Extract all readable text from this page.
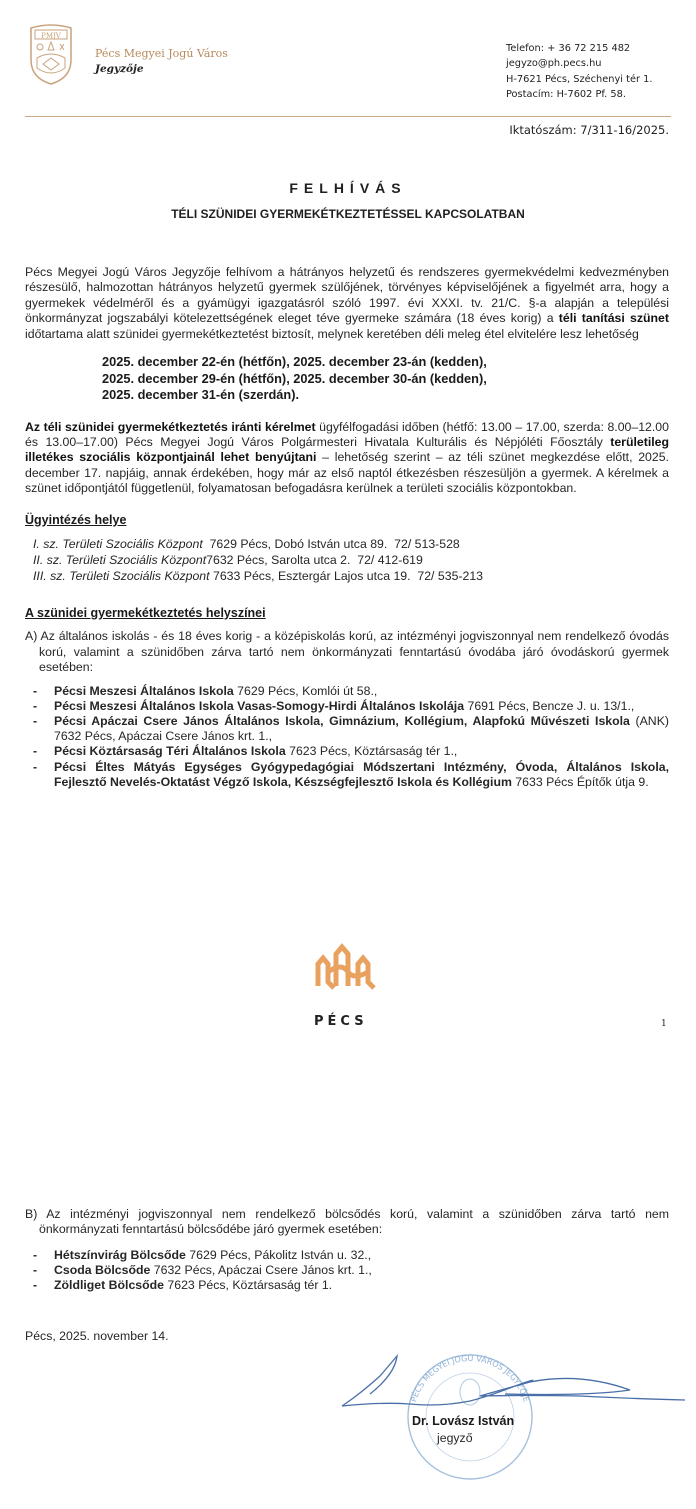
PMJV
Pécs Megyei Jogú Város
Jegyzője
Telefon: + 36 72 215 482
jegyzo@ph.pecs.hu
H-7621 Pécs, Széchenyi tér 1.
Postacím: H-7602 Pf. 58.
Iktatószám: 7/311-16/2025.
FELHÍVÁS
TÉLI SZÜNIDEI GYERMEKÉTKEZTETÉSSEL KAPCSOLATBAN

Pécs Megyei Jogú Város Jegyzője felhívom a hátrányos helyzetű és rendszeres gyermekvédelmi kedvezményben részesülő, halmozottan hátrányos helyzetű gyermek szülőjének, törvényes képviselőjének a figyelmét arra, hogy a gyermekek védelméről és a gyámügyi igazgatásról szóló 1997. évi XXXI. tv. 21/C. §-a alapján a települési önkormányzat jogszabályi kötelezettségének eleget téve gyermeke számára (18 éves korig) a téli tanítási szünet időtartama alatt szünidei gyermekétkeztetést biztosít, melynek keretében déli meleg étel elvitelére lesz lehetőség

2025. december 22-én (hétfőn), 2025. december 23-án (kedden),
2025. december 29-én (hétfőn), 2025. december 30-án (kedden),
2025. december 31-én (szerdán).

Az téli szünidei gyermekétkeztetés iránti kérelmet ügyfélfogadási időben (hétfő: 13.00 – 17.00, szerda: 8.00–12.00 és 13.00–17.00) Pécs Megyei Jogú Város Polgármesteri Hivatala Kulturális és Népjóléti Főosztály területileg illetékes szociális központjainál lehet benyújtani – lehetőség szerint – az téli szünet megkezdése előtt, 2025. december 17. napjáig, annak érdekében, hogy már az első naptól étkezésben részesüljön a gyermek. A kérelmek a szünet időpontjától függetlenül, folyamatosan befogadásra kerülnek a területi szociális központokban.

Ügyintézés helye

I. sz. Területi Szociális Központ  7629 Pécs, Dobó István utca 89.  72/ 513-528
II. sz. Területi Szociális Központ7632 Pécs, Sarolta utca 2.  72/ 412-619
III. sz. Területi Szociális Központ 7633 Pécs, Esztergár Lajos utca 19.  72/ 535-213

A szünidei gyermekétkeztetés helyszínei

A) Az általános iskolás - és 18 éves korig - a középiskolás korú, az intézményi jogviszonnyal nem rendelkező óvodás korú, valamint a szünidőben zárva tartó nem önkormányzati fenntartású óvodába járó óvodáskorú gyermek esetében:

- Pécsi Meszesi Általános Iskola 7629 Pécs, Komlói út 58.,
- Pécsi Meszesi Általános Iskola Vasas-Somogy-Hirdi Általános Iskolája 7691 Pécs, Bencze J. u. 13/1.,
- Pécsi Apáczai Csere János Általános Iskola, Gimnázium, Kollégium, Alapfokú Művészeti Iskola (ANK) 7632 Pécs, Apáczai Csere János krt. 1.,
- Pécsi Köztársaság Téri Általános Iskola 7623 Pécs, Köztársaság tér 1.,
- Pécsi Éltes Mátyás Egységes Gyógypedagógiai Módszertani Intézmény, Óvoda, Általános Iskola, Fejlesztő Nevelés-Oktatást Végző Iskola, Készségfejlesztő Iskola és Kollégium 7633 Pécs Építők útja 9.
PÉCS	1

B) Az intézményi jogviszonnyal nem rendelkező bölcsődés korú, valamint a szünidőben zárva tartó nem önkormányzati fenntartású bölcsődébe járó gyermek esetében:

- Hétszínvirág Bölcsőde 7629 Pécs, Pákolitz István u. 32.,
- Csoda Bölcsőde 7632 Pécs, Apáczai Csere János krt. 1.,
- Zöldliget Bölcsőde 7623 Pécs, Köztársaság tér 1.
Pécs, 2025. november 14.
PÉCS MEGYEI JOGÚ VÁROS JEGYZŐJE
Dr. Lovász István
jegyző
